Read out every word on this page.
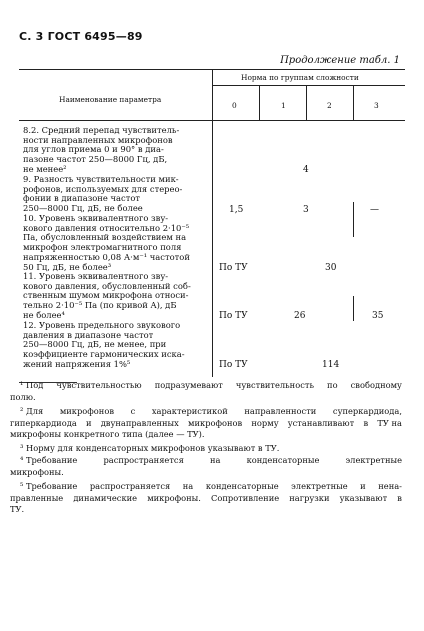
С. 3 ГОСТ 6495—89
Продолжение табл. 1
Наименование параметра
Норма по группам сложности
0	1	2	3
8.2. Средний перепад чувствитель-
ности направленных микрофонов
для углов приема 0 и 90° в диа-
пазоне частот 250—8000 Гц, дБ,
не менее²	4
9. Разность чувствительности мик-
рофонов, используемых для стерео-
фонии в диапазоне частот
250—8000 Гц, дБ, не более	1,5	3	—
10. Уровень эквивалентного зву-
кового давления относительно 2·10⁻⁵
Па, обусловленный воздействием на
микрофон электромагнитного поля
напряженностью 0,08 А·м⁻¹ частотой
50 Гц, дБ, не более³	По ТУ	30
11. Уровень эквивалентного зву-
кового давления, обусловленный соб-
ственным шумом микрофона относи-
тельно 2·10⁻⁵ Па (по кривой A), дБ
не более⁴	По ТУ	26	35
12. Уровень предельного звукового
давления в диапазоне частот
250—8000 Гц, дБ, не менее, при
коэффициенте гармонических иска-
жений напряжения 1%⁵	По ТУ	114
¹ Под чувствительностью подразумевают чувствительность по свободному
полю.
² Для микрофонов с характеристикой направленности суперкардиода,
гиперкардиода и двунаправленных микрофонов норму устанавливают в ТУ на
микрофоны конкретного типа (далее — ТУ).
³ Норму для конденсаторных микрофонов указывают в ТУ.
⁴ Требование	распространяется	на	конденсаторные	электретные
микрофоны.
⁵ Требование распространяется на конденсаторные электретные и нена-
правленные динамические микрофоны. Сопротивление нагрузки указывают в
ТУ.
